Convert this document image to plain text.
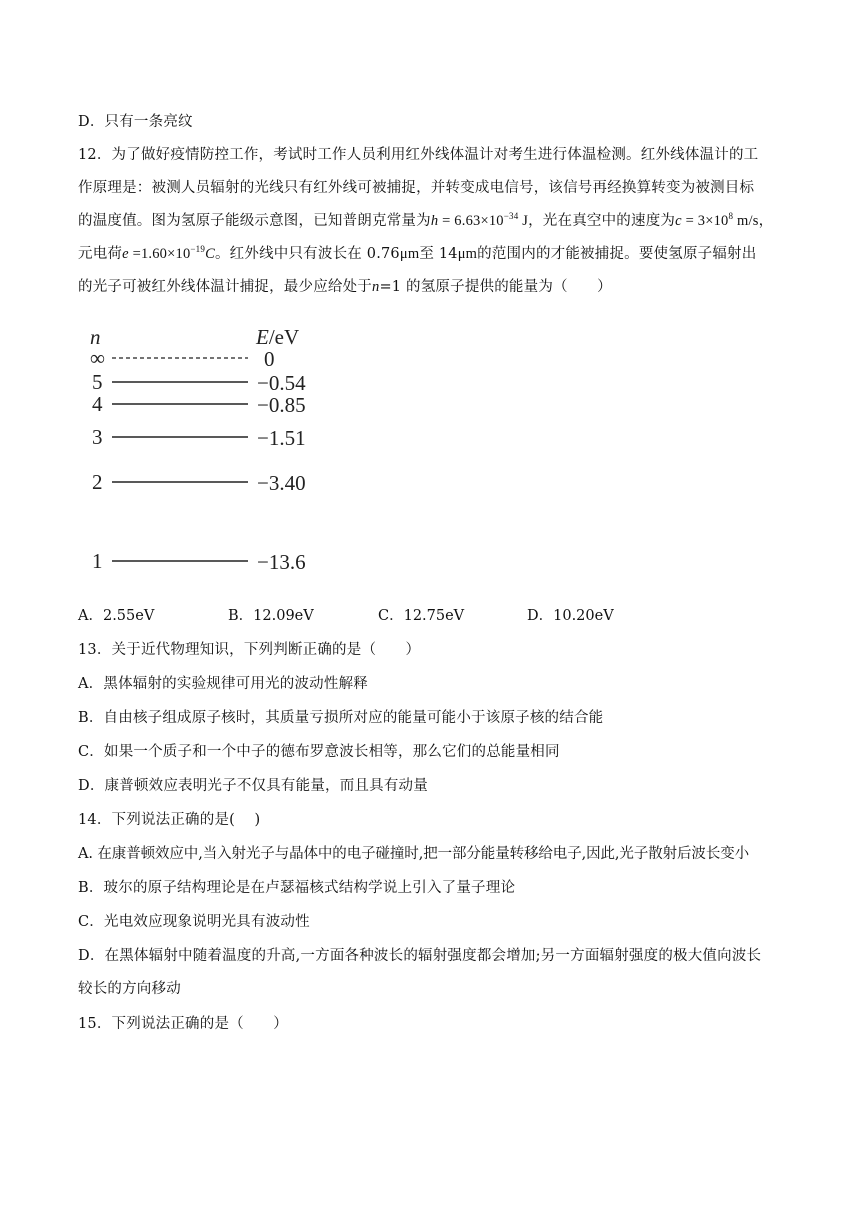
D．只有一条亮纹
12．为了做好疫情防控工作，考试时工作人员利用红外线体温计对考生进行体温检测。红外线体温计的工
作原理是：被测人员辐射的光线只有红外线可被捕捉，并转变成电信号，该信号再经换算转变为被测目标
的温度值。图为氢原子能级示意图，已知普朗克常量为$h = 6.63\times 10^{-34}$ J，光在真空中的速度为$c = 3\times 10^8$ m/s，
元电荷$e =1.60\times 10^{-19}C$。红外线中只有波长在 0.76μm至 14μm的范围内的才能被捕捉。要使氢原子辐射出
的光子可被红外线体温计捕捉，最少应给处于n=1 的氢原子提供的能量为（　　）
n	E/eV
∞	0
5	−0.54
4	−0.85
3	−1.51
2	−3.40
1	−13.6
A．2.55eV	B．12.09eV	C．12.75eV	D．10.20eV
13．关于近代物理知识，下列判断正确的是（　　）
A．黑体辐射的实验规律可用光的波动性解释
B．自由核子组成原子核时，其质量亏损所对应的能量可能小于该原子核的结合能
C．如果一个质子和一个中子的德布罗意波长相等，那么它们的总能量相同
D．康普顿效应表明光子不仅具有能量，而且具有动量
14．下列说法正确的是(　 )
A. 在康普顿效应中,当入射光子与晶体中的电子碰撞时,把一部分能量转移给电子,因此,光子散射后波长变小
B．玻尔的原子结构理论是在卢瑟福核式结构学说上引入了量子理论
C．光电效应现象说明光具有波动性
D．在黑体辐射中随着温度的升高,一方面各种波长的辐射强度都会增加;另一方面辐射强度的极大值向波长
较长的方向移动
15．下列说法正确的是（　　）
